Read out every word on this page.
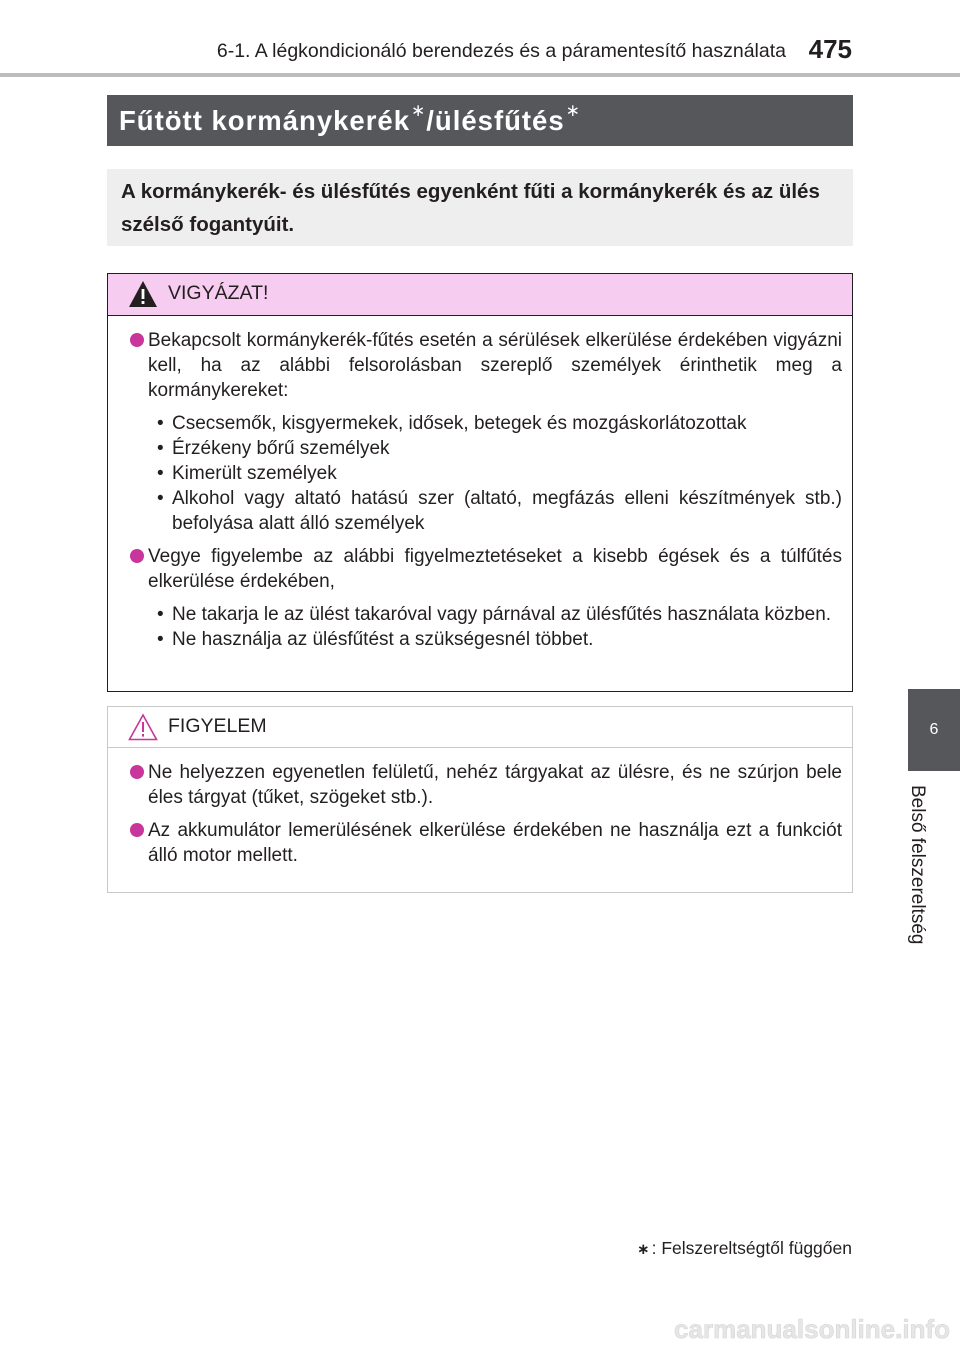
6-1. A légkondicionáló berendezés és a páramentesítő használata 475
Fűtött kormánykerék∗/ülésfűtés∗
A kormánykerék- és ülésfűtés egyenként fűti a kormánykerék és az ülés szélső fogantyúit.
VIGYÁZAT!
Bekapcsolt kormánykerék-fűtés esetén a sérülések elkerülése érdekében vigyázni kell, ha az alábbi felsorolásban szereplő személyek érinthetik meg a kormánykereket:
• Csecsemők, kisgyermekek, idősek, betegek és mozgáskorlátozottak
• Érzékeny bőrű személyek
• Kimerült személyek
• Alkohol vagy altató hatású szer (altató, megfázás elleni készítmények stb.) befolyása alatt álló személyek
Vegye figyelembe az alábbi figyelmeztetéseket a kisebb égések és a túlfűtés elkerülése érdekében,
• Ne takarja le az ülést takaróval vagy párnával az ülésfűtés használata közben.
• Ne használja az ülésfűtést a szükségesnél többet.
FIGYELEM
Ne helyezzen egyenetlen felületű, nehéz tárgyakat az ülésre, és ne szúrjon bele éles tárgyat (tűket, szögeket stb.).
Az akkumulátor lemerülésének elkerülése érdekében ne használja ezt a funkciót álló motor mellett.
∗ : Felszereltségtől függően
6
Belső felszereltség
carmanualsonline.info
